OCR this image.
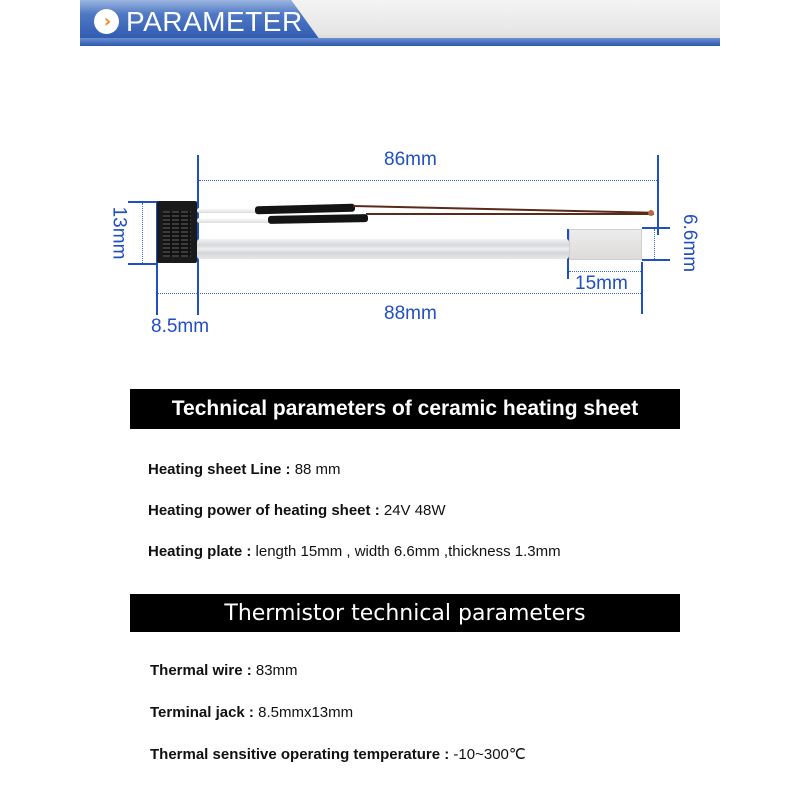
› PARAMETER
86mm
88mm
13mm
8.5mm
6.6mm
15mm
Technical parameters of ceramic heating sheet
Heating sheet Line : 88 mm
Heating power of heating sheet : 24V 48W
Heating plate : length 15mm , width 6.6mm ,thickness 1.3mm
Thermistor technical parameters
Thermal wire : 83mm
Terminal jack : 8.5mmx13mm
Thermal sensitive operating temperature : -10~300℃
